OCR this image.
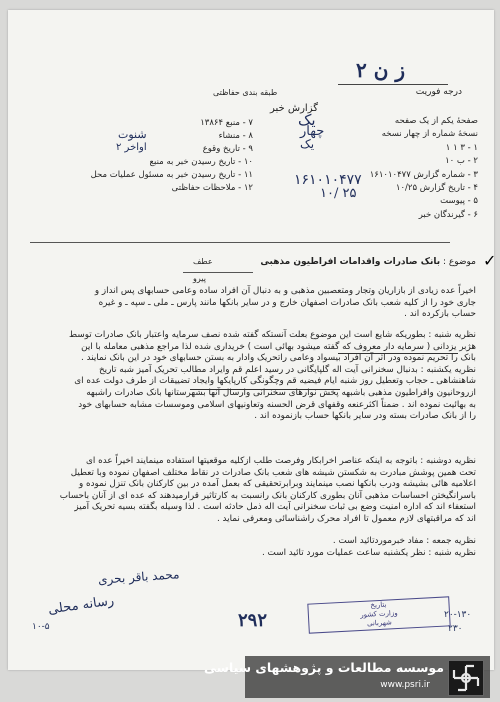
۲ ز ن
درجه فوریت
طبقه بندی حفاظتی
گزارش خبر
صفحهٔ یکم از یک صفحه
نسخهٔ شماره از چهار نسخه
۱ - ۳ ۱ ۱
۲ - ب ۱۰
۳ - شماره گزارش ۱۶۱۰۱۰۴۷۷
۴ - تاریخ گزارش ۱۰/۲۵
۵ - پیوست
۶ - گیرندگان خبر
۷ - منبع ۱۳۸۶۴
۸ - منشاء
۹ - تاریخ وقوع
۱۰ - تاریخ رسیدن خبر به منبع
۱۱ - تاریخ رسیدن خبر به مسئول عملیات محل
۱۲ - ملاحظات حفاظتی
شنوت
اواخر ۲
یک
چهار
یک
۱۶۱۰۱۰۴۷۷
۱۰/ ۲۵
✓
موضوع : بانک صادرات واقدامات افراطیون مذهبی
عطف
پیرو
اخیراً عده زیادی از بازاریان وتجار ومتعصبین مذهبی و به دنبال آن افراد ساده وعامی حسابهای پس انداز و
جاری خود را از کلیه شعب بانک صادرات اصفهان خارج و در سایر بانکها مانند پارس ـ ملی ـ سپه ـ و غیره
حساب بازکرده اند .
نظریه شنبه : بطوریکه شایع است این موضوع بعلت آنستکه گفته شده نصف سرمایه واعتبار بانک صادرات توسط
هژبر یزدانی ( سرمایه دار معروف که گفته میشود بهائی است ) خریداری شده لذا مراجع مذهبی معامله با این
بانک را تحریم نموده ودر اثر آن افراد بیسواد وعامی راتحریک وادار به بستن حسابهای خود در این بانک نمایند .
نظریه یکشنبه : بدنبال سخنرانی آیت اله گلپایگانی در رسید اعلم قم وایراد مطالب تحریک آمیز شبه تاریخ
شاهنشاهی ـ حجاب وتعطیل روز شنبه ایام فیضیه قم وچگونگی کارپایکها وایجاد تضییقات از طرف دولت عده ای
ازروحانیون وافراطیون مذهبی باشبهه پخش نوارهای سخنرانی وارسال آنها بشهرستانها بانک صادرات راشبهه
به بهائیت نموده اند . ضمناً اکثرعنعه وقفهای قرض الحسنه وتعاونیهای اسلامی وموسسات مشابه حسابهای خود
را از بانک صادرات بسته ودر سایر بانکها حساب بازنموده اند .
نظریه دوشنبه : باتوجه به اینکه عناصر اخرابکار وفرصت طلب ازکلیه موقعیتها استفاده مینمایند اخیراً عده ای
تحت همین پوشش مبادرت به شکستن شیشه های شعب بانک صادرات در نقاط مختلف اصفهان نموده وبا تعطیل
اعلامیه هائی بشیشه ودرب بانکها نصب مینمایند وبرابرتحقیقی که بعمل آمده در بین کارکنان بانک تنزل نموده و
باسرانگیختن احساسات مذهبی آنان بطوری کارکنان بانک رانسبت به کارتاثیر قرارمیدهند که عده ای از آنان باحساب
استعفاء اند که اداره امنیت وضع بی ثبات سخنرانی آیت اله ذمل حادثه است . لذا وسیله بگفته بسیه تحریک آمیز
اند که مراقبتهای لازم معمول تا افراد محرک راشناسائی ومعرفی نماید .
نظریه جمعه : مفاد خبرموردتائید است .
نظریه شنبه : نظر یکشنبه ساعت عملیات مورد تائید است .
محمد باقر بحری
رسانه محلی
۱۰-۵	۲۹۲	۲۰-۱۳۰
۲۳۰
بتاریخ
وزارت کشور
شهربانی
موسسه مطالعات و پژوهشهای سیاسی
www.psri.ir
